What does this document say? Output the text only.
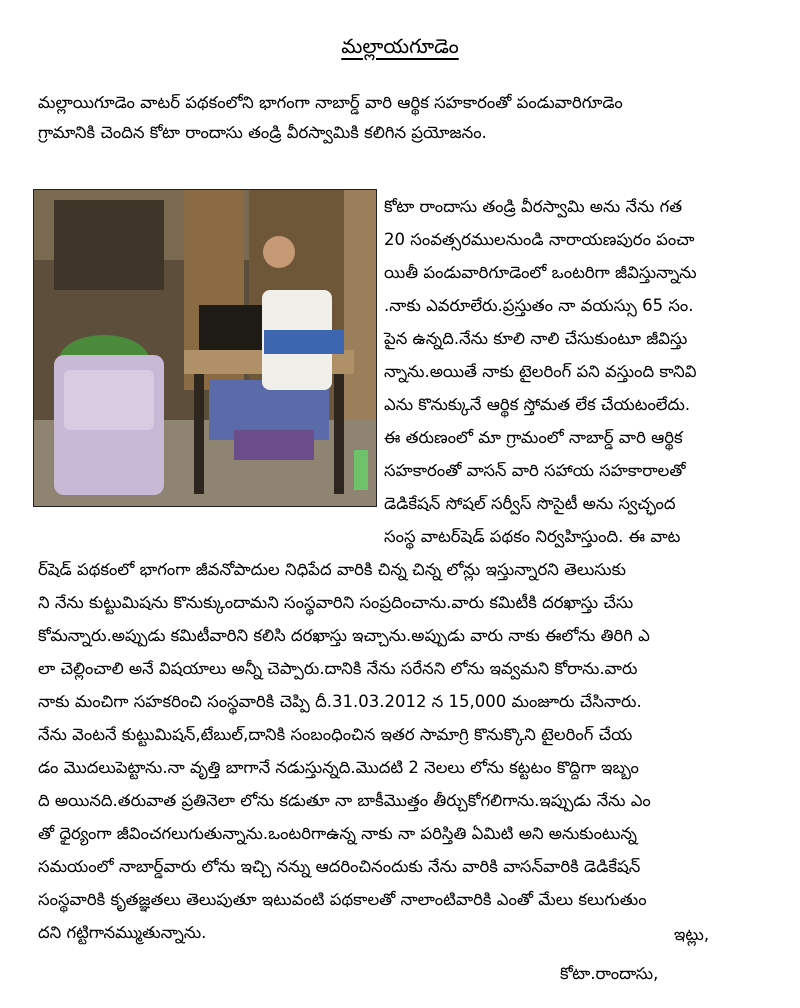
మల్లాయగూడెం
మల్లాయిగూడెం వాటర్ పథకంలోని భాగంగా నాబార్డ్ వారి ఆర్థిక సహకారంతో పండువారిగూడెం
గ్రామానికి చెందిన కోటా రాందాసు తండ్రి వీరస్వామికి కలిగిన ప్రయోజనం.
కోటా రాందాసు తండ్రి వీరస్వామి అను నేను గత
20 సంవత్సరములనుండి నారాయణపురం పంచా
యితీ పండువారిగూడెంలో ఒంటరిగా జీవిస్తున్నాను
.నాకు ఎవరూలేరు.ప్రస్తుతం నా వయస్సు 65 సం.
పైన ఉన్నది.నేను కూలి నాలి చేసుకుంటూ జీవిస్తు
న్నాను.అయితే నాకు టైలరింగ్ పని వస్తుంది కానివి
ఎను కొనుక్కునే ఆర్థిక స్తోమత లేక చేయటంలేదు.
ఈ తరుణంలో మా గ్రామంలో నాబార్డ్ వారి ఆర్థిక
సహకారంతో వాసన్ వారి సహాయ సహకారాలతో
డెడికేషన్ సోషల్ సర్వీస్ సొసైటీ అను స్వచ్ఛంద
సంస్థ వాటర్‌షెడ్ పథకం నిర్వహిస్తుంది. ఈ వాట
ర్‌షెడ్ పథకంలో భాగంగా జీవనోపాదుల నిధిపేద వారికి చిన్న చిన్న లోన్లు ఇస్తున్నారని తెలుసుకు
ని నేను కుట్టుమిషను కొనుక్కుందామని సంస్థవారిని సంప్రదించాను.వారు కమిటీకి దరఖాస్తు చేసు
కోమన్నారు.అప్పుడు కమిటీవారిని కలిసి దరఖాస్తు ఇచ్చాను.అప్పుడు వారు నాకు ఈలోను తిరిగి ఎ
లా చెల్లించాలి అనే విషయాలు అన్నీ చెప్పారు.దానికి నేను సరేనని లోను ఇవ్వమని కోరాను.వారు
నాకు మంచిగా సహకరించి సంస్థవారికి చెప్పి దీ.31.03.2012 న 15,000 మంజూరు చేసినారు.
నేను వెంటనే కుట్టుమిషన్,టేబుల్,దానికి సంబంధించిన ఇతర సామాగ్రి కొనుక్కొని టైలరింగ్ చేయ
డం మొదలుపెట్టాను.నా వృత్తి బాగానే నడుస్తున్నది.మొదటి 2 నెలలు లోను కట్టటం కొద్దిగా ఇబ్బం
ది అయినది.తరువాత ప్రతినెలా లోను కడుతూ నా బాకీమొత్తం తీర్చుకోగలిగాను.ఇప్పుడు నేను ఎం
తో ధైర్యంగా జీవించగలుగుతున్నాను.ఒంటరిగాఉన్న నాకు నా పరిస్తితి ఏమిటి అని అనుకుంటున్న
సమయంలో నాబార్డ్‌వారు లోను ఇచ్చి నన్ను ఆదరించినందుకు నేను వారికి వాసన్‌వారికి డెడికేషన్
సంస్థవారికి కృతజ్ఞతలు తెలుపుతూ ఇటువంటి పథకాలతో నాలాంటివారికి ఎంతో మేలు కలుగుతుం
దని గట్టిగానమ్ముతున్నాను.	ఇట్లు,
కోటా.రాందాసు,
